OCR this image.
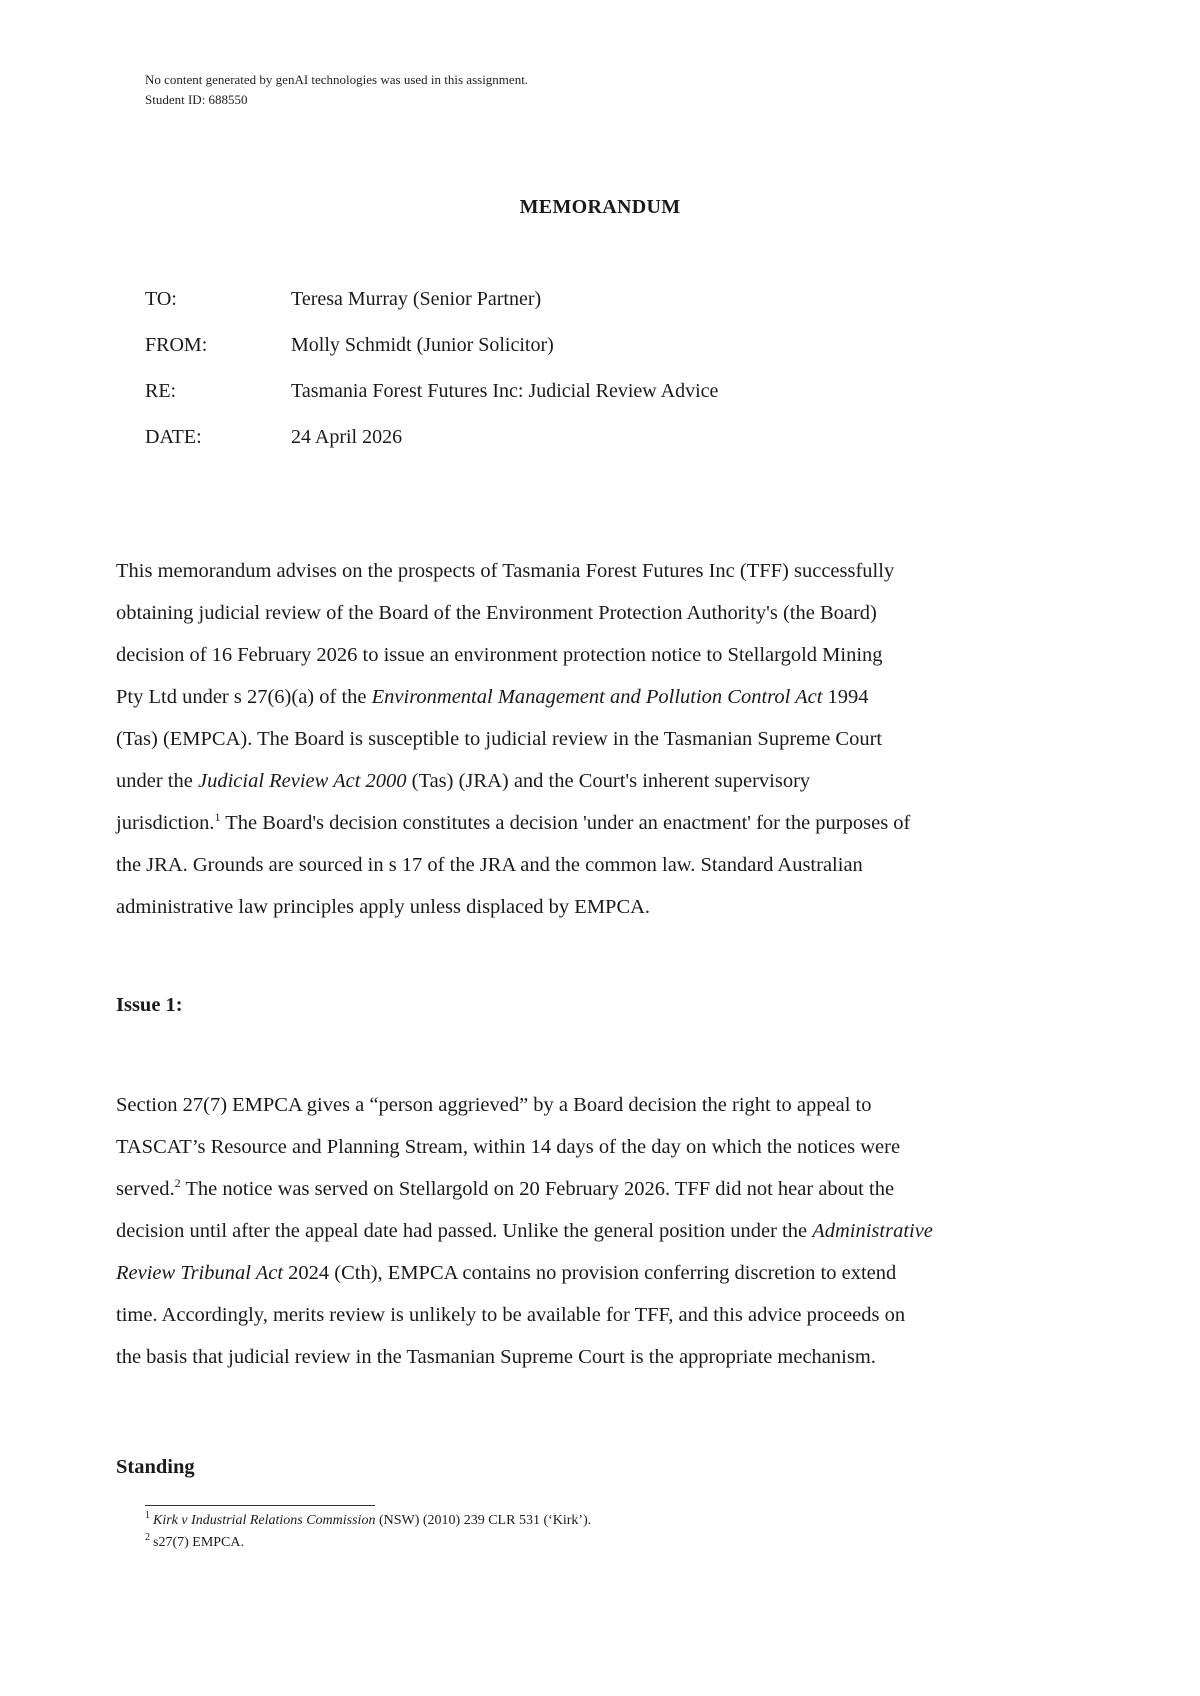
No content generated by genAI technologies was used in this assignment.
Student ID: 688550
MEMORANDUM
TO:	Teresa Murray (Senior Partner)
FROM:	Molly Schmidt (Junior Solicitor)
RE:	Tasmania Forest Futures Inc: Judicial Review Advice
DATE:	24 April 2026

This memorandum advises on the prospects of Tasmania Forest Futures Inc (TFF) successfully
obtaining judicial review of the Board of the Environment Protection Authority's (the Board)
decision of 16 February 2026 to issue an environment protection notice to Stellargold Mining
Pty Ltd under s 27(6)(a) of the Environmental Management and Pollution Control Act 1994
(Tas) (EMPCA). The Board is susceptible to judicial review in the Tasmanian Supreme Court
under the Judicial Review Act 2000 (Tas) (JRA) and the Court's inherent supervisory
jurisdiction.$^1$ The Board's decision constitutes a decision 'under an enactment' for the purposes of
the JRA. Grounds are sourced in s 17 of the JRA and the common law. Standard Australian
administrative law principles apply unless displaced by EMPCA.

Issue 1:

Section 27(7) EMPCA gives a “person aggrieved” by a Board decision the right to appeal to
TASCAT’s Resource and Planning Stream, within 14 days of the day on which the notices were
served.$^2$ The notice was served on Stellargold on 20 February 2026. TFF did not hear about the
decision until after the appeal date had passed. Unlike the general position under the Administrative
Review Tribunal Act 2024 (Cth), EMPCA contains no provision conferring discretion to extend
time. Accordingly, merits review is unlikely to be available for TFF, and this advice proceeds on
the basis that judicial review in the Tasmanian Supreme Court is the appropriate mechanism.

Standing
$^1$ Kirk v Industrial Relations Commission (NSW) (2010) 239 CLR 531 (‘Kirk’).
$^2$ s27(7) EMPCA.
